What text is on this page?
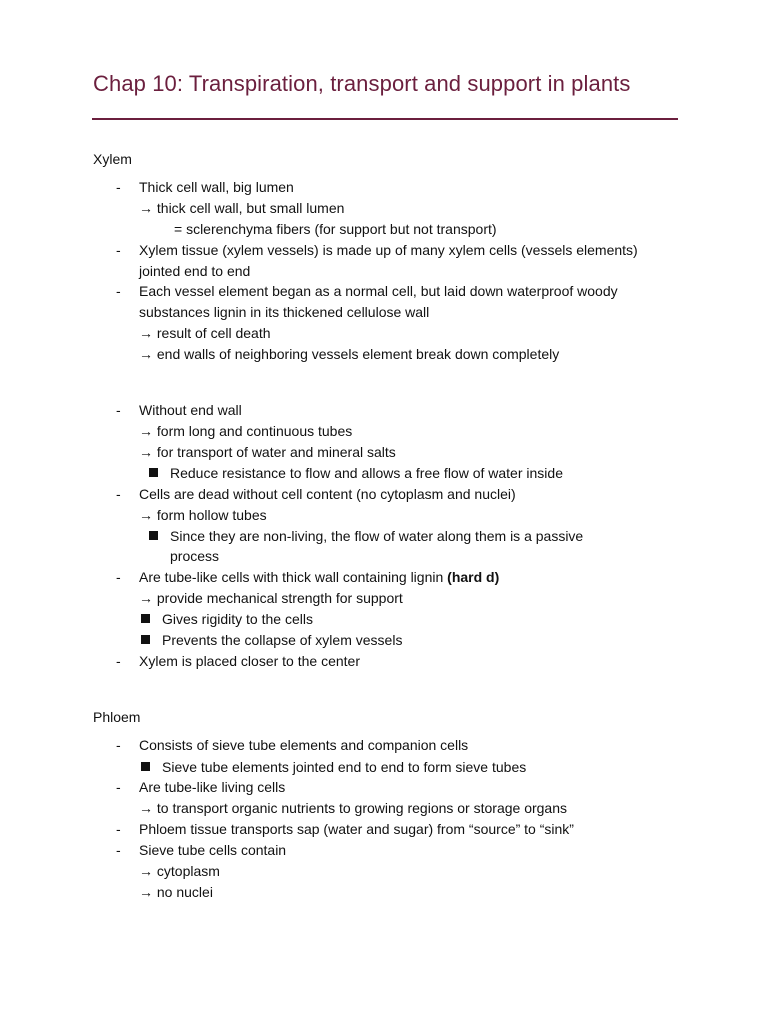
Chap 10: Transpiration, transport and support in plants
Xylem
- Thick cell wall, big lumen
→ thick cell wall, but small lumen
= sclerenchyma fibers (for support but not transport)
- Xylem tissue (xylem vessels) is made up of many xylem cells (vessels elements)
jointed end to end
- Each vessel element began as a normal cell, but laid down waterproof woody
substances lignin in its thickened cellulose wall
→ result of cell death
→ end walls of neighboring vessels element break down completely
- Without end wall
→ form long and continuous tubes
→ for transport of water and mineral salts
Reduce resistance to flow and allows a free flow of water inside
- Cells are dead without cell content (no cytoplasm and nuclei)
→ form hollow tubes
Since they are non-living, the flow of water along them is a passive
process
- Are tube-like cells with thick wall containing lignin (hard d)
→ provide mechanical strength for support
Gives rigidity to the cells
Prevents the collapse of xylem vessels
- Xylem is placed closer to the center
Phloem
- Consists of sieve tube elements and companion cells
Sieve tube elements jointed end to end to form sieve tubes
- Are tube-like living cells
→ to transport organic nutrients to growing regions or storage organs
- Phloem tissue transports sap (water and sugar) from “source” to “sink”
- Sieve tube cells contain
→ cytoplasm
→ no nuclei
